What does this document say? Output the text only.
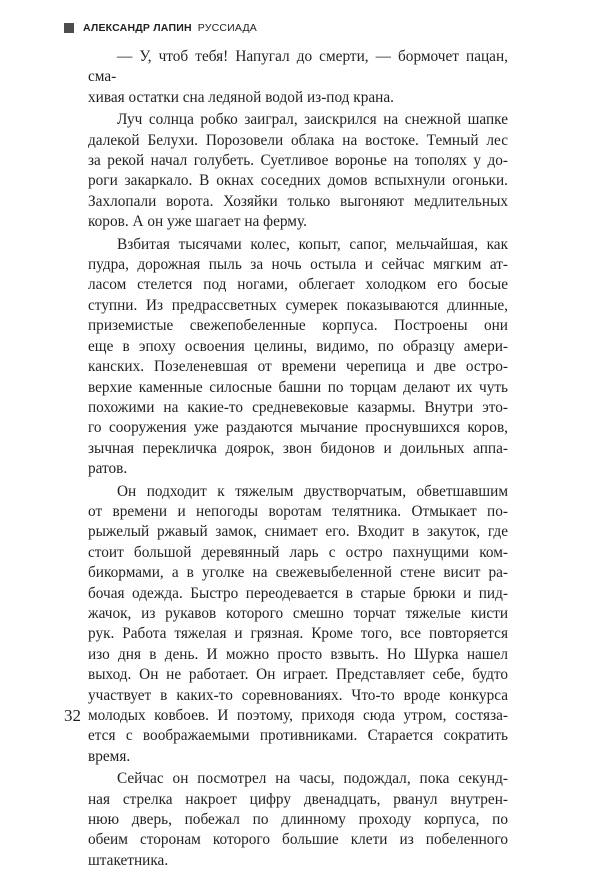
АЛЕКСАНДР ЛАПИН РУССИАДА

— У, чтоб тебя! Напугал до смерти, — бормочет пацан, сма-
хивая остатки сна ледяной водой из-под крана.

Луч солнца робко заиграл, заискрился на снежной шапке
далекой Белухи. Порозовели облака на востоке. Темный лес
за рекой начал голубеть. Суетливое воронье на тополях у до-
роги закаркало. В окнах соседних домов вспыхнули огоньки.
Захлопали ворота. Хозяйки только выгоняют медлительных
коров. А он уже шагает на ферму.

Взбитая тысячами колес, копыт, сапог, мельчайшая, как
пудра, дорожная пыль за ночь остыла и сейчас мягким ат-
ласом стелется под ногами, облегает холодком его босые
ступни. Из предрассветных сумерек показываются длинные,
приземистые свежепобеленные корпуса. Построены они
еще в эпоху освоения целины, видимо, по образцу амери-
канских. Позеленевшая от времени черепица и две остро-
верхие каменные силосные башни по торцам делают их чуть
похожими на какие-то средневековые казармы. Внутри это-
го сооружения уже раздаются мычание проснувшихся коров,
зычная перекличка доярок, звон бидонов и доильных аппа-
ратов.

Он подходит к тяжелым двустворчатым, обветшавшим
от времени и непогоды воротам телятника. Отмыкает по-
рыжелый ржавый замок, снимает его. Входит в закуток, где
стоит большой деревянный ларь с остро пахнущими ком-
бикормами, а в уголке на свежевыбеленной стене висит ра-
бочая одежда. Быстро переодевается в старые брюки и пид-
жачок, из рукавов которого смешно торчат тяжелые кисти
рук. Работа тяжелая и грязная. Кроме того, все повторяется
изо дня в день. И можно просто взвыть. Но Шурка нашел
выход. Он не работает. Он играет. Представляет себе, будто
участвует в каких-то соревнованиях. Что-то вроде конкурса
молодых ковбоев. И поэтому, приходя сюда утром, состяза-
ется с воображаемыми противниками. Старается сократить
время.

Сейчас он посмотрел на часы, подождал, пока секунд-
ная стрелка накроет цифру двенадцать, рванул внутрен-
нюю дверь, побежал по длинному проходу корпуса, по
обеим сторонам которого большие клети из побеленного
штакетника.

32
